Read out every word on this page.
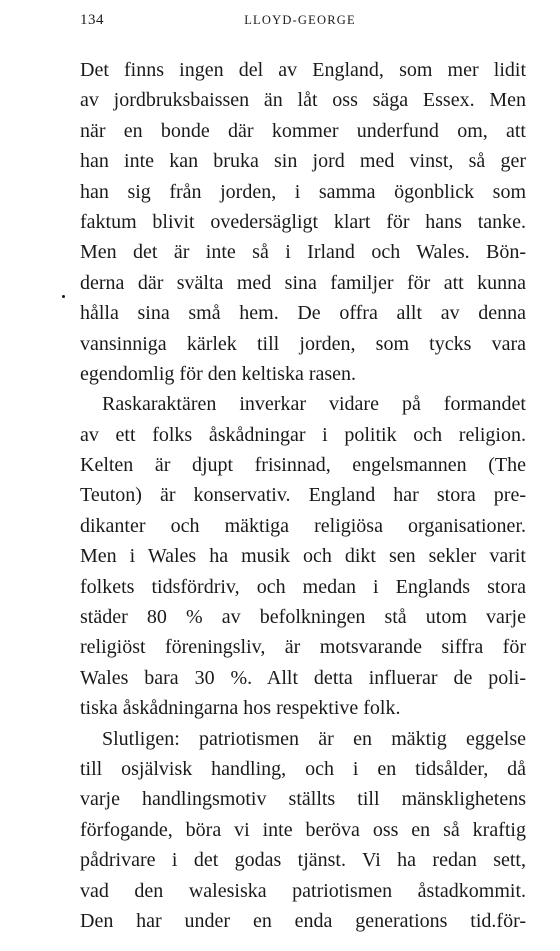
134	LLOYD-GEORGE
Det finns ingen del av England, som mer lidit
av jordbruksbaissen än låt oss säga Essex. Men
när en bonde där kommer underfund om, att
han inte kan bruka sin jord med vinst, så ger
han sig från jorden, i samma ögonblick som
faktum blivit ovedersägligt klart för hans tanke.
Men det är inte så i Irland och Wales. Bön-
derna där svälta med sina familjer för att kunna
hålla sina små hem. De offra allt av denna
vansinniga kärlek till jorden, som tycks vara
egendomlig för den keltiska rasen.
Raskaraktären inverkar vidare på formandet
av ett folks åskådningar i politik och religion.
Kelten är djupt frisinnad, engelsmannen (The
Teuton) är konservativ. England har stora pre-
dikanter och mäktiga religiösa organisationer.
Men i Wales ha musik och dikt sen sekler varit
folkets tidsfördriv, och medan i Englands stora
städer 80 % av befolkningen stå utom varje
religiöst föreningsliv, är motsvarande siffra för
Wales bara 30 %. Allt detta influerar de poli-
tiska åskådningarna hos respektive folk.
Slutligen: patriotismen är en mäktig eggelse
till osjälvisk handling, och i en tidsålder, då
varje handlingsmotiv ställts till mänsklighetens
förfogande, böra vi inte beröva oss en så kraftig
pådrivare i det godas tjänst. Vi ha redan sett,
vad den walesiska patriotismen åstadkommit.
Den har under en enda generations tid.för-
